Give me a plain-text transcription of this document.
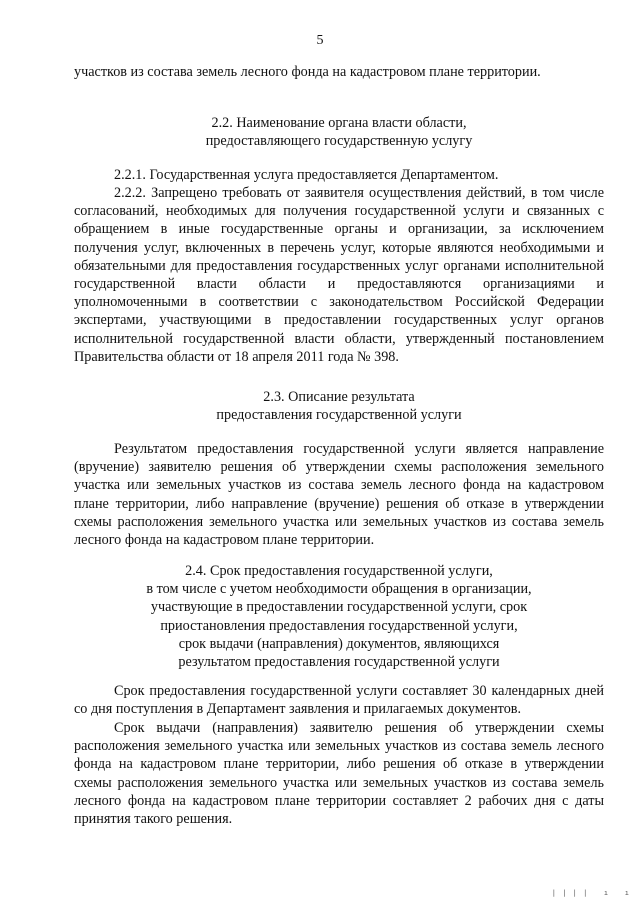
5

участков из состава земель лесного фонда на кадастровом плане территории.

2.2. Наименование органа власти области,

предоставляющего государственную услугу

2.2.1. Государственная услуга предоставляется Департаментом.

2.2.2. Запрещено требовать от заявителя осуществления действий, в том числе согласований, необходимых для получения государственной услуги и связанных с обращением в иные государственные органы и организации, за исключением получения услуг, включенных в перечень услуг, которые являются необходимыми и обязательными для предоставления государственных услуг органами исполнительной государственной власти области и предоставляются организациями и уполномоченными в соответствии с законодательством Российской Федерации экспертами, участвующими в предоставлении государственных услуг органов исполнительной государственной власти области, утвержденный постановлением Правительства области от 18 апреля 2011 года № 398.

2.3. Описание результата

предоставления государственной услуги

Результатом предоставления государственной услуги является направление (вручение) заявителю решения об утверждении схемы расположения земельного участка или земельных участков из состава земель лесного фонда на кадастровом плане территории, либо направление (вручение) решения об отказе в утверждении схемы расположения земельного участка или земельных участков из состава земель лесного фонда на кадастровом плане территории.

2.4. Срок предоставления государственной услуги,

в том числе с учетом необходимости обращения в организации,

участвующие в предоставлении государственной услуги, срок

приостановления предоставления государственной услуги,

срок выдачи (направления) документов, являющихся

результатом предоставления государственной услуги

Срок предоставления государственной услуги составляет 30 календарных дней со дня поступления в Департамент заявления и прилагаемых документов.

Срок выдачи (направления) заявителю решения об утверждении схемы расположения земельного участка или земельных участков из состава земель лесного фонда на кадастровом плане территории, либо решения об отказе в утверждении схемы расположения земельного участка или земельных участков из состава земель лесного фонда на кадастровом плане территории составляет 2 рабочих дня с даты принятия такого решения.

| | | |   ı   ı
